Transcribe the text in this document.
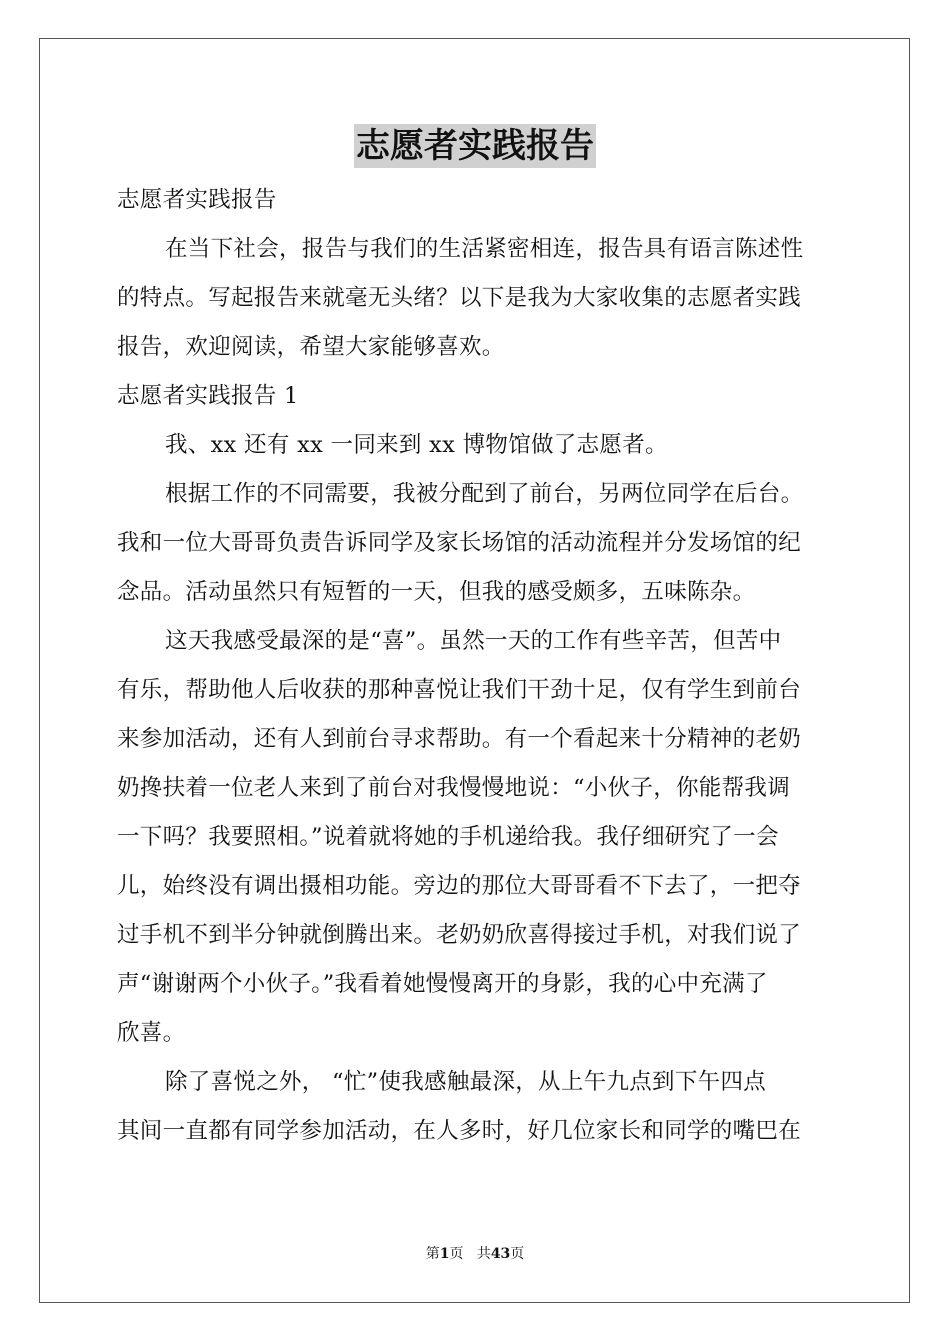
志愿者实践报告

志愿者实践报告

在当下社会，报告与我们的生活紧密相连，报告具有语言陈述性

的特点。写起报告来就毫无头绪？以下是我为大家收集的志愿者实践

报告，欢迎阅读，希望大家能够喜欢。

志愿者实践报告 1

我、xx 还有 xx 一同来到 xx 博物馆做了志愿者。

根据工作的不同需要，我被分配到了前台，另两位同学在后台。

我和一位大哥哥负责告诉同学及家长场馆的活动流程并分发场馆的纪

念品。活动虽然只有短暂的一天，但我的感受颇多，五味陈杂。

这天我感受最深的是“喜”。虽然一天的工作有些辛苦，但苦中

有乐，帮助他人后收获的那种喜悦让我们干劲十足，仅有学生到前台

来参加活动，还有人到前台寻求帮助。有一个看起来十分精神的老奶

奶搀扶着一位老人来到了前台对我慢慢地说：“小伙子，你能帮我调

一下吗？我要照相。”说着就将她的手机递给我。我仔细研究了一会

儿，始终没有调出摄相功能。旁边的那位大哥哥看不下去了，一把夺

过手机不到半分钟就倒腾出来。老奶奶欣喜得接过手机，对我们说了

声“谢谢两个小伙子。”我看着她慢慢离开的身影，我的心中充满了

欣喜。

除了喜悦之外， “忙”使我感触最深，从上午九点到下午四点

其间一直都有同学参加活动，在人多时，好几位家长和同学的嘴巴在

第1页 共43页
